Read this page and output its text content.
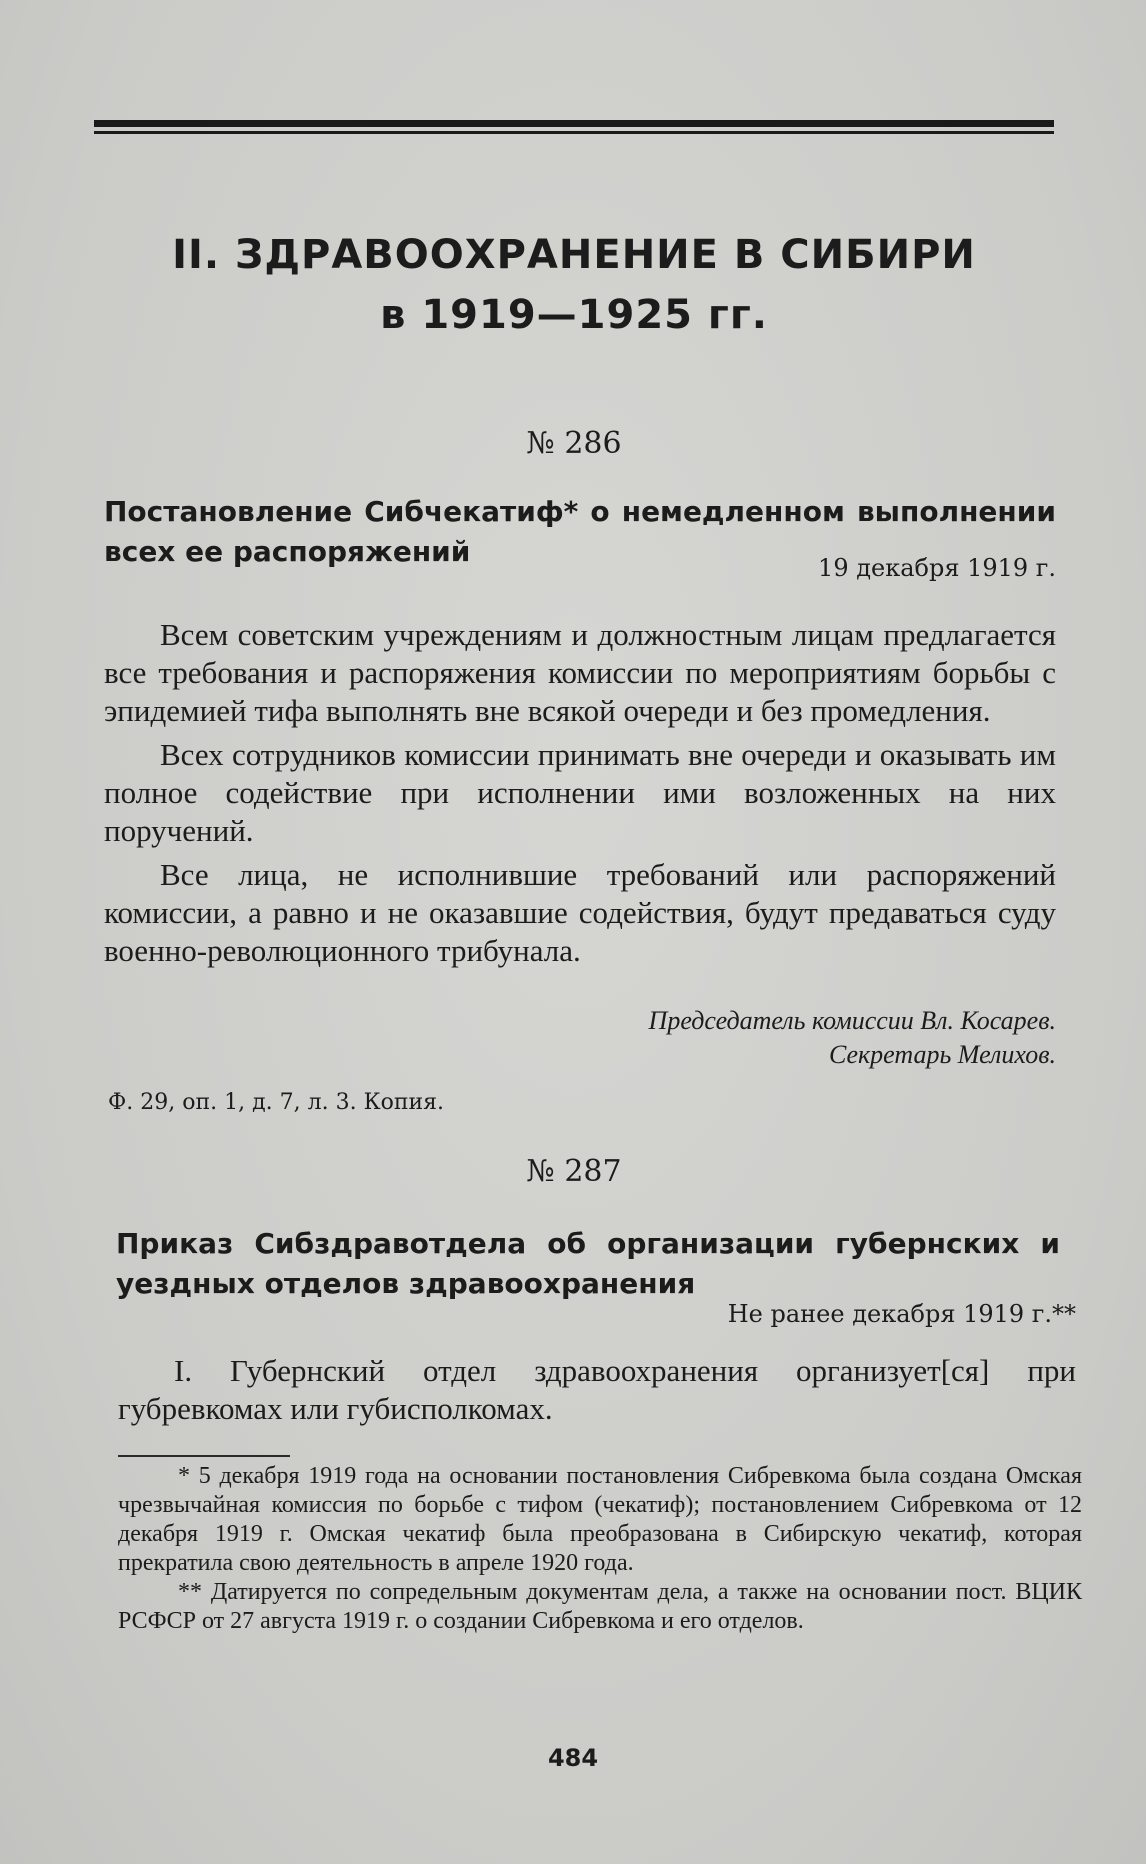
II. ЗДРАВООХРАНЕНИЕ В СИБИРИ
в 1919—1925 гг.
№ 286
Постановление Сибчекатиф* о немедленном выполнении всех ее распоряжений	19 декабря 1919 г.

Всем советским учреждениям и должностным лицам предлагается все требования и распоряжения комиссии по мероприятиям борьбы с эпидемией тифа выполнять вне всякой очереди и без промедления.

Всех сотрудников комиссии принимать вне очереди и оказывать им полное содействие при исполнении ими возложенных на них поручений.

Все лица, не исполнившие требований или распоряжений комиссии, а равно и не оказавшие содействия, будут предаваться суду военно-революционного трибунала.

Председатель комиссии Вл. Косарев.
Секретарь Мелихов.
Ф. 29, оп. 1, д. 7, л. 3. Копия.
№ 287
Приказ Сибздравотдела об организации губернских и уездных отделов здравоохранения
Не ранее декабря 1919 г.**

I. Губернский отдел здравоохранения организует[ся] при губревкомах или губисполкомах.

* 5 декабря 1919 года на основании постановления Сибревкома была создана Омская чрезвычайная комиссия по борьбе с тифом (чекатиф); постановлением Сибревкома от 12 декабря 1919 г. Омская чекатиф была преобразована в Сибирскую чекатиф, которая прекратила свою деятельность в апреле 1920 года.

** Датируется по сопредельным документам дела, а также на основании пост. ВЦИК РСФСР от 27 августа 1919 г. о создании Сибревкома и его отделов.

484
